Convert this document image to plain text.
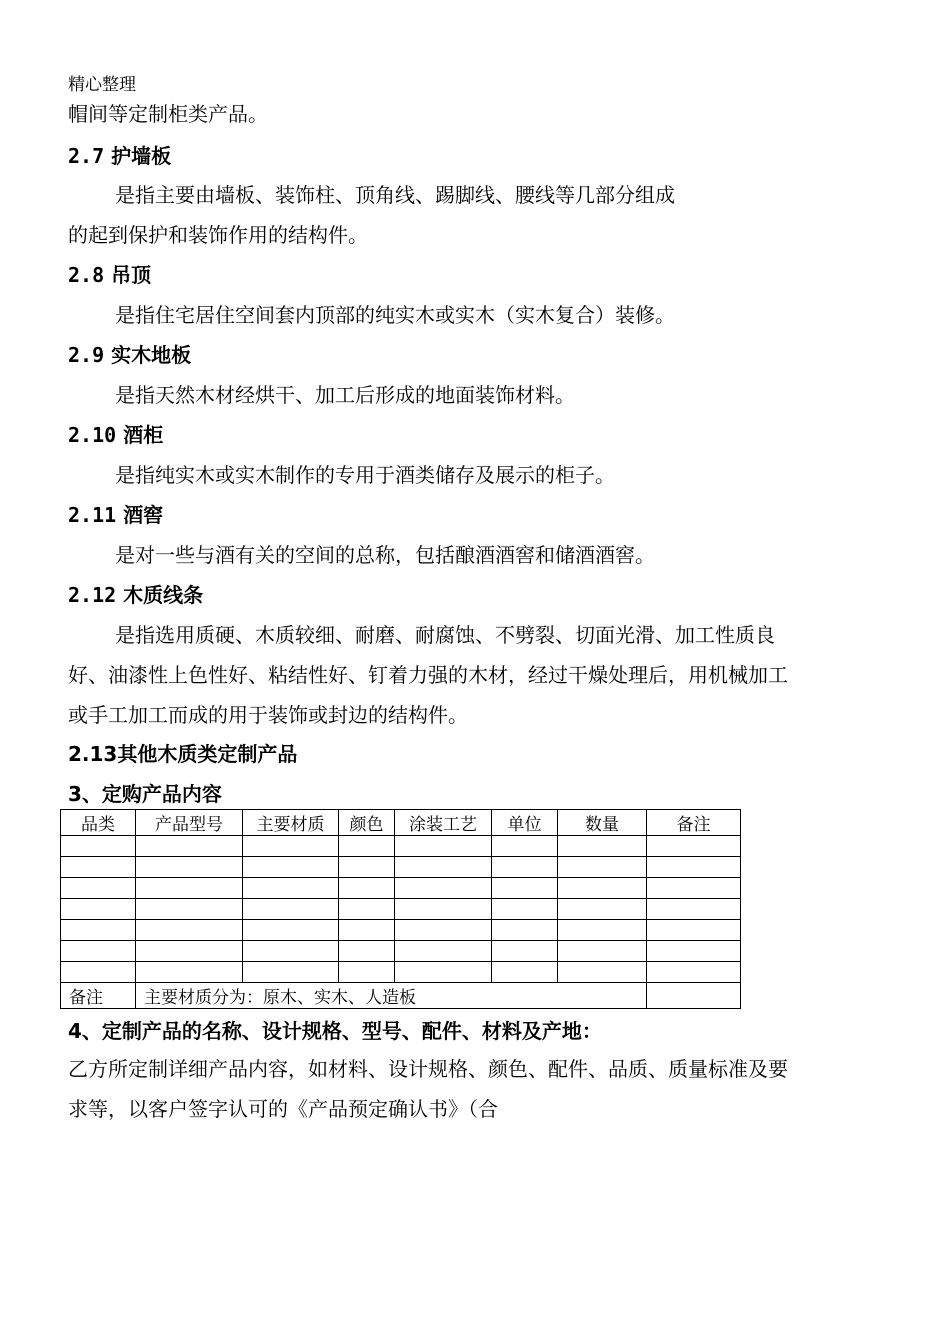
精心整理
帽间等定制柜类产品。
2.7 护墙板
是指主要由墙板、装饰柱、顶角线、踢脚线、腰线等几部分组成
的起到保护和装饰作用的结构件。
2.8 吊顶
是指住宅居住空间套内顶部的纯实木或实木（实木复合）装修。
2.9 实木地板
是指天然木材经烘干、加工后形成的地面装饰材料。
2.10 酒柜
是指纯实木或实木制作的专用于酒类储存及展示的柜子。
2.11 酒窖
是对一些与酒有关的空间的总称，包括酿酒酒窖和储酒酒窖。
2.12 木质线条
是指选用质硬、木质较细、耐磨、耐腐蚀、不劈裂、切面光滑、加工性质良
好、油漆性上色性好、粘结性好、钉着力强的木材，经过干燥处理后，用机械加工
或手工加工而成的用于装饰或封边的结构件。
2.13其他木质类定制产品
3、定购产品内容
品类	产品型号	主要材质	颜色	涂装工艺	单位	数量	备注

备注	主要材质分为：原木、实木、人造板						
4、定制产品的名称、设计规格、型号、配件、材料及产地：
乙方所定制详细产品内容，如材料、设计规格、颜色、配件、品质、质量标准及要
求等，以客户签字认可的《产品预定确认书》（合
